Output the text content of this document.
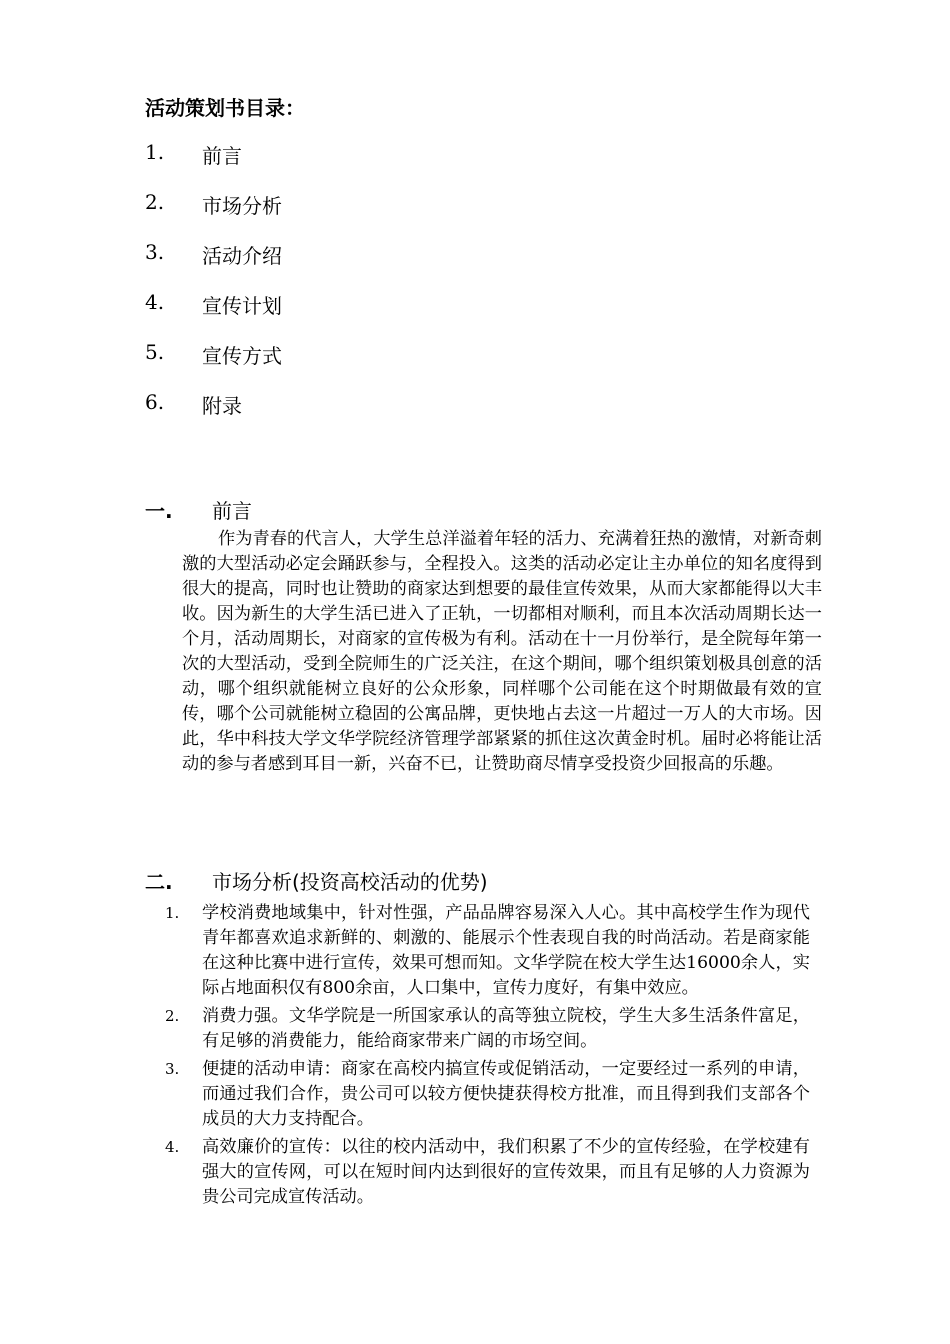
活动策划书目录：
1.	前言
2.	市场分析
3.	活动介绍
4.	宣传计划
5.	宣传方式
6.	附录
一.	前言

作为青春的代言人，大学生总洋溢着年轻的活力、充满着狂热的激情，对新奇刺激的大型活动必定会踊跃参与，全程投入。这类的活动必定让主办单位的知名度得到很大的提高，同时也让赞助的商家达到想要的最佳宣传效果，从而大家都能得以大丰收。因为新生的大学生活已进入了正轨，一切都相对顺利，而且本次活动周期长达一个月，活动周期长，对商家的宣传极为有利。活动在十一月份举行，是全院每年第一次的大型活动，受到全院师生的广泛关注，在这个期间，哪个组织策划极具创意的活动，哪个组织就能树立良好的公众形象，同样哪个公司能在这个时期做最有效的宣传，哪个公司就能树立稳固的公寓品牌，更快地占去这一片超过一万人的大市场。因此，华中科技大学文华学院经济管理学部紧紧的抓住这次黄金时机。届时必将能让活动的参与者感到耳目一新，兴奋不已，让赞助商尽情享受投资少回报高的乐趣。

二.	市场分析(投资高校活动的优势)
1.	学校消费地域集中，针对性强，产品品牌容易深入人心。其中高校学生作为现代青年都喜欢追求新鲜的、刺激的、能展示个性表现自我的时尚活动。若是商家能在这种比赛中进行宣传，效果可想而知。文华学院在校大学生达16000余人，实际占地面积仅有800余亩，人口集中，宣传力度好，有集中效应。
2.	消费力强。文华学院是一所国家承认的高等独立院校，学生大多生活条件富足，有足够的消费能力，能给商家带来广阔的市场空间。
3.	便捷的活动申请：商家在高校内搞宣传或促销活动，一定要经过一系列的申请，而通过我们合作，贵公司可以较方便快捷获得校方批准，而且得到我们支部各个成员的大力支持配合。
4.	高效廉价的宣传：以往的校内活动中，我们积累了不少的宣传经验，在学校建有强大的宣传网，可以在短时间内达到很好的宣传效果，而且有足够的人力资源为贵公司完成宣传活动。
